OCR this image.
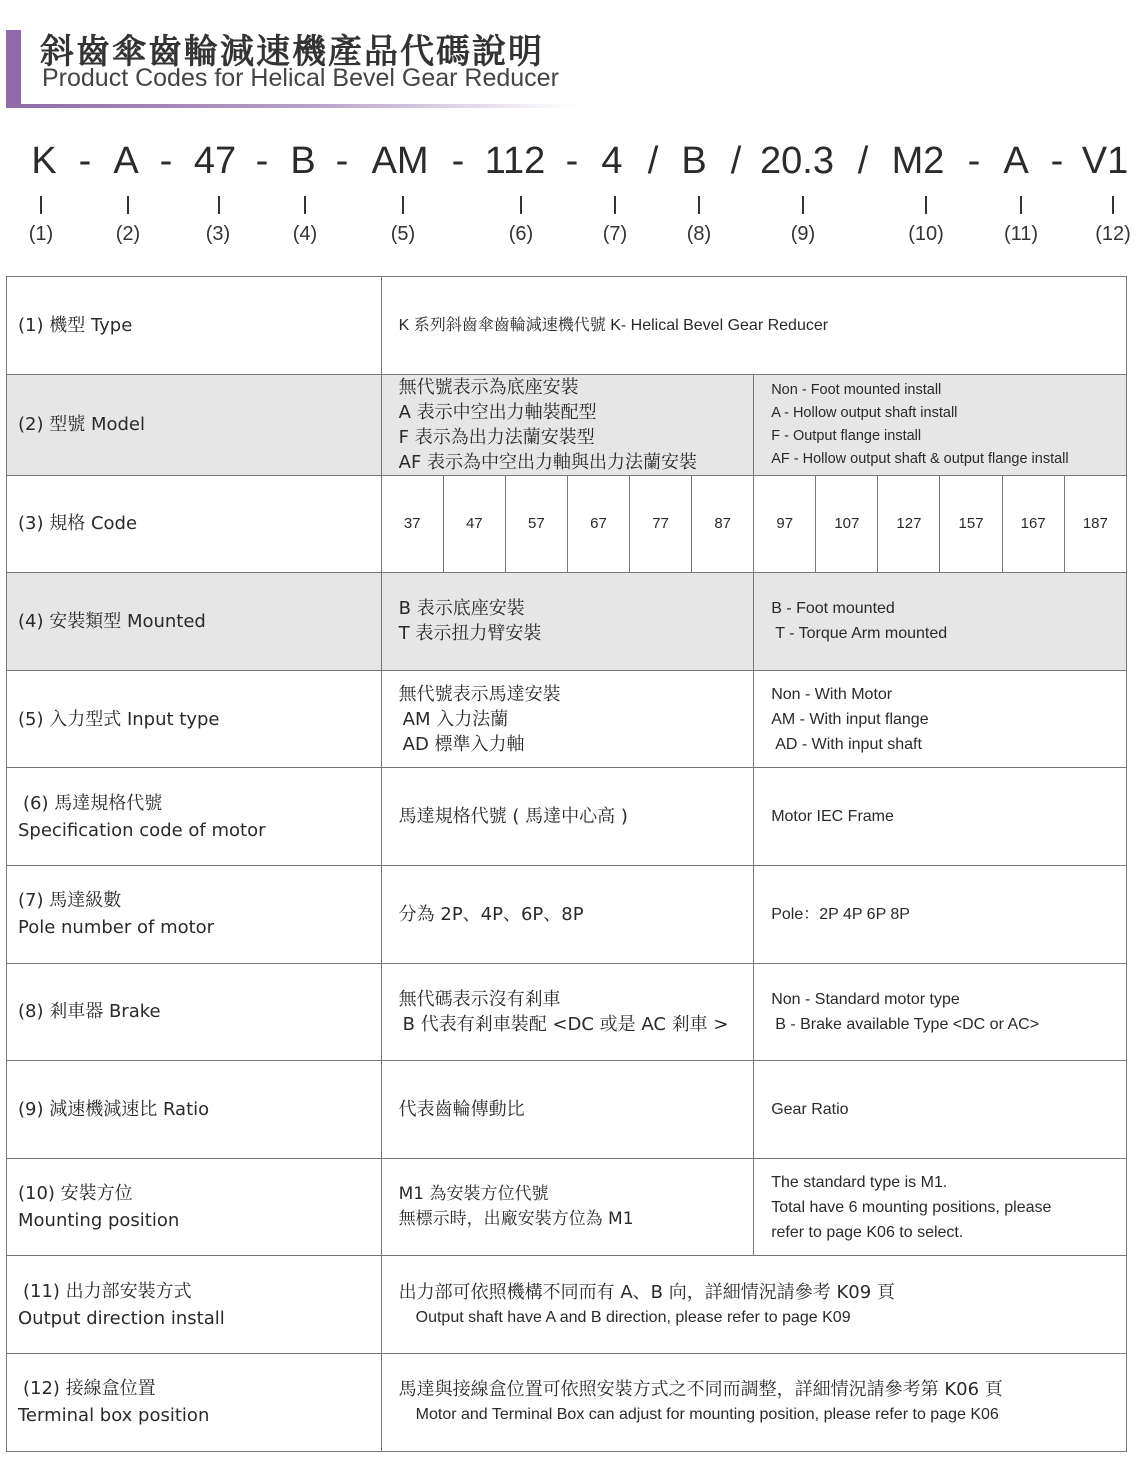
斜齒傘齒輪減速機產品代碼說明
Product Codes for Helical Bevel Gear Reducer
K - A - 47 - B - AM - 112 - 4 / B / 20.3 / M2 - A - V1
(1)	(2)	(3)	(4)	(5)	(6)	(7)	(8)	(9)	(10)	(11)	(12)
(1) 機型 Type	K 系列斜齒傘齒輪減速機代號 K- Helical Bevel Gear Reducer											

(2) 型號 Model	無代號表示為底座安裝
A 表示中空出力軸裝配型
F 表示為出力法蘭安裝型
AF 表示為中空出力軸與出力法蘭安裝						Non - Foot mounted install
A - Hollow output shaft install
F - Output flange install
AF - Hollow output shaft & output flange install					

(3) 規格 Code	37	47	57	67	77	87	97	107	127	157	167	187

(4) 安裝類型 Mounted	B 表示底座安裝
T 表示扭力臂安裝						B - Foot mounted
T - Torque Arm mounted					

(5) 入力型式 Input type	無代號表示馬達安裝
AM 入力法蘭
AD 標準入力軸						Non - With Motor
AM - With input flange
AD - With input shaft					

(6) 馬達規格代號
Specification code of motor	馬達規格代號 ( 馬達中心高 )						Motor IEC Frame					

(7) 馬達級數
Pole number of motor	分為 2P、4P、6P、8P						Pole：2P 4P 6P 8P					

(8) 剎車器 Brake	無代碼表示沒有剎車
B 代表有剎車裝配 <DC 或是 AC 剎車 >						Non - Standard motor type
B - Brake available Type <DC or AC>					

(9) 減速機減速比 Ratio	代表齒輪傳動比						Gear Ratio					

(10) 安裝方位
Mounting position	M1 為安裝方位代號
無標示時，出廠安裝方位為 M1						The standard type is M1.
Total have 6 mounting positions, please
refer to page K06 to select.					

(11) 出力部安裝方式
Output direction install	出力部可依照機構不同而有 A、B 向，詳細情況請參考 K09 頁
Output shaft have A and B direction, please refer to page K09											

(12) 接線盒位置
Terminal box position	馬達與接線盒位置可依照安裝方式之不同而調整，詳細情況請參考第 K06 頁
Motor and Terminal Box can adjust for mounting position, please refer to page K06											
